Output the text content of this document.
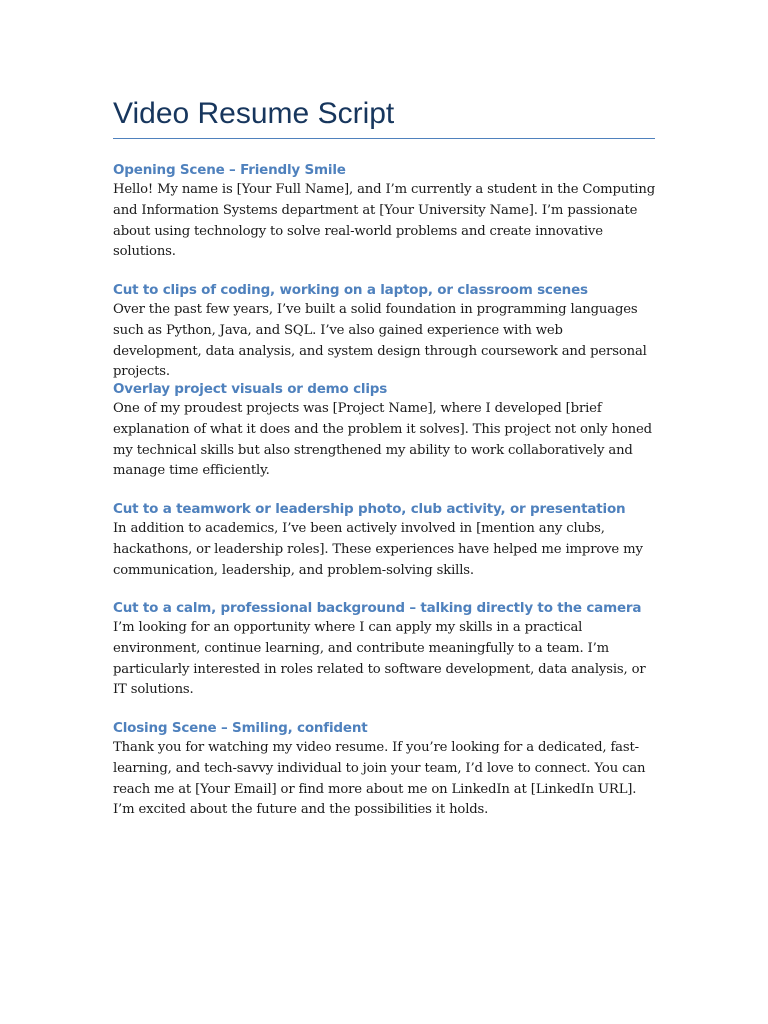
Video Resume Script
Opening Scene – Friendly Smile

Hello! My name is [Your Full Name], and I’m currently a student in the Computing and Information Systems department at [Your University Name]. I’m passionate about using technology to solve real-world problems and create innovative solutions.

Cut to clips of coding, working on a laptop, or classroom scenes

Over the past few years, I’ve built a solid foundation in programming languages such as Python, Java, and SQL. I’ve also gained experience with web development, data analysis, and system design through coursework and personal projects.

Overlay project visuals or demo clips

One of my proudest projects was [Project Name], where I developed [brief explanation of what it does and the problem it solves]. This project not only honed my technical skills but also strengthened my ability to work collaboratively and manage time efficiently.

Cut to a teamwork or leadership photo, club activity, or presentation

In addition to academics, I’ve been actively involved in [mention any clubs, hackathons, or leadership roles]. These experiences have helped me improve my communication, leadership, and problem-solving skills.

Cut to a calm, professional background – talking directly to the camera

I’m looking for an opportunity where I can apply my skills in a practical environment, continue learning, and contribute meaningfully to a team. I’m particularly interested in roles related to software development, data analysis, or IT solutions.

Closing Scene – Smiling, confident

Thank you for watching my video resume. If you’re looking for a dedicated, fast-learning, and tech-savvy individual to join your team, I’d love to connect. You can reach me at [Your Email] or find more about me on LinkedIn at [LinkedIn URL]. I’m excited about the future and the possibilities it holds.
